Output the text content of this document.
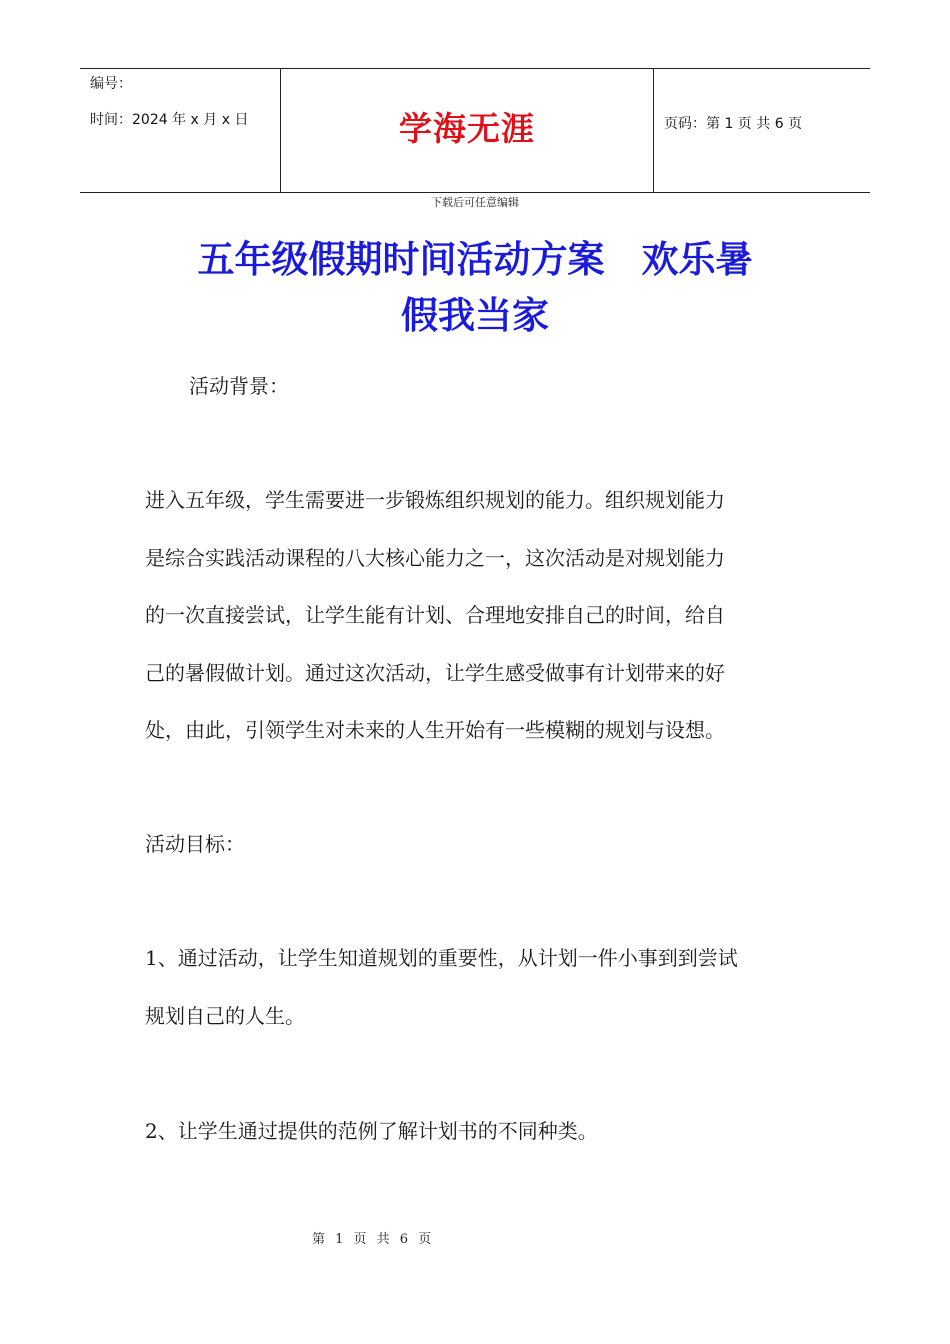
编号：
时间：2024 年 x 月 x 日	学海无涯	页码：第 1 页 共 6 页
下载后可任意编辑
五年级假期时间活动方案　欢乐暑
假我当家
活动背景：
进入五年级，学生需要进一步锻炼组织规划的能力。组织规划能力
是综合实践活动课程的八大核心能力之一，这次活动是对规划能力
的一次直接尝试，让学生能有计划、合理地安排自己的时间，给自
己的暑假做计划。通过这次活动，让学生感受做事有计划带来的好
处，由此，引领学生对未来的人生开始有一些模糊的规划与设想。
活动目标：
1、通过活动，让学生知道规划的重要性，从计划一件小事到到尝试
规划自己的人生。
2、让学生通过提供的范例了解计划书的不同种类。
第 1 页 共 6 页
